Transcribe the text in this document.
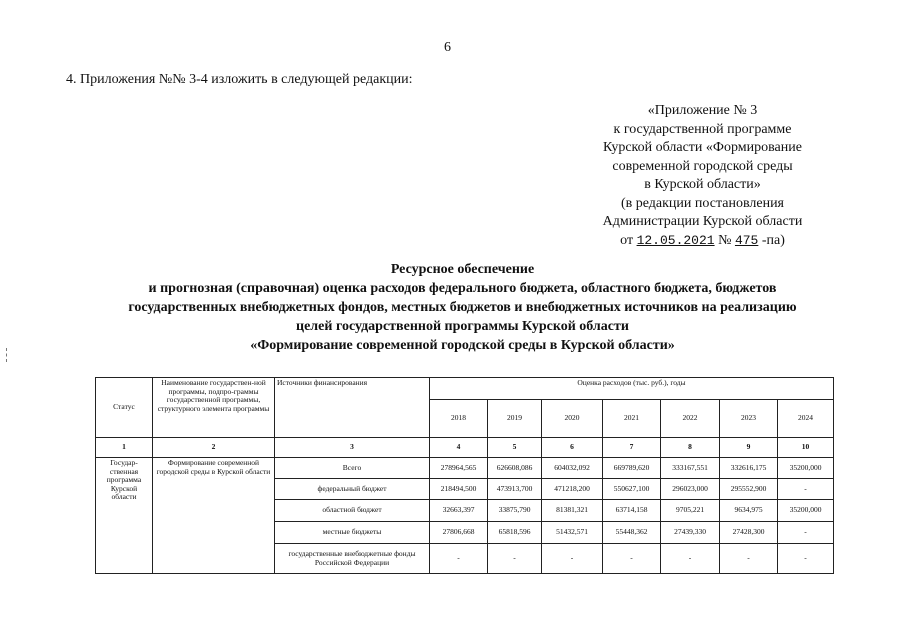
6
4. Приложения №№ 3-4 изложить в следующей редакции:
«Приложение № 3
к государственной программе
Курской области «Формирование
современной городской среды
в Курской области»
(в редакции постановления
Администрации Курской области
от 12.05.2021 № 475 -па)
Ресурсное обеспечение
и прогнозная (справочная) оценка расходов федерального бюджета, областного бюджета, бюджетов
государственных внебюджетных фондов, местных бюджетов и внебюджетных источников на реализацию
целей государственной программы Курской области
«Формирование современной городской среды в Курской области»
Статус	Наименование государствен-ной программы, подпро-граммы государственной программы, структурного элемента программы	Источники финансирования	Оценка расходов (тыс. руб.), годы						
			2018	2019	2020	2021	2022	2023	2024
1	2	3	4	5	6	7	8	9	10
Государ-ственная программа Курской области	Формирование современной городской среды в Курской области	Всего	278964,565	626608,086	604032,092	669789,620	333167,551	332616,175	35200,000
		федеральный бюджет	218494,500	473913,700	471218,200	550627,100	296023,000	295552,900	-
		областной бюджет	32663,397	33875,790	81381,321	63714,158	9705,221	9634,975	35200,000
		местные бюджеты	27806,668	65818,596	51432,571	55448,362	27439,330	27428,300	-
		государственные внебюджетные фонды Российской Федерации	-	-	-	-	-	-	-
